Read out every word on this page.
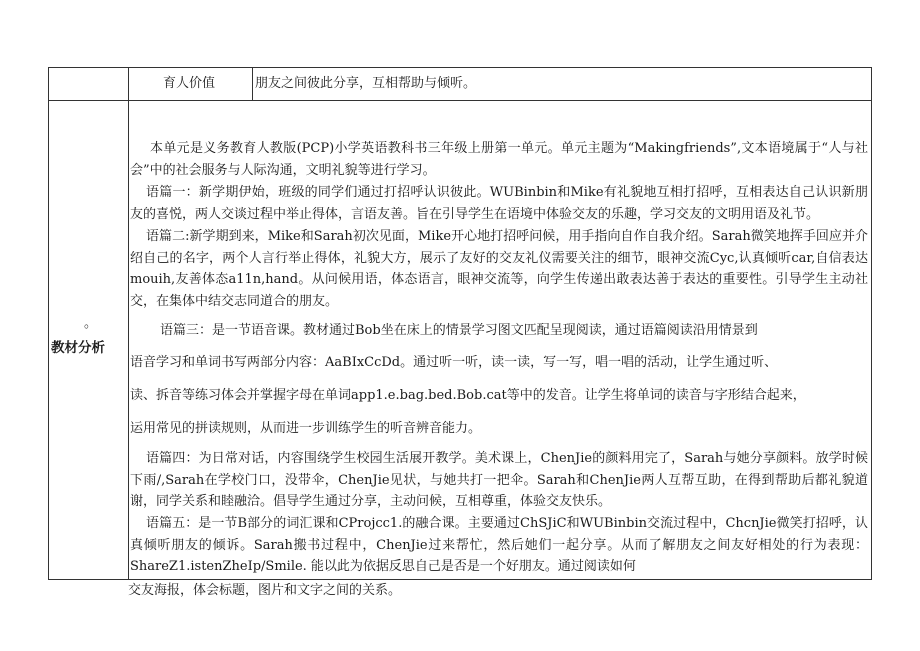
育人价值	朋友之间彼此分享，互相帮助与倾听。
。
教材分析
本单元是义务教育人教版(PCP)小学英语教科书三年级上册第一单元。单元主题为“Makingfriends”,文本语境属于“人与社会”中的社会服务与人际沟通，文明礼貌等进行学习。
语篇一：新学期伊始，班级的同学们通过打招呼认识彼此。WUBinbin和Mike有礼貌地互相打招呼，互相表达自己认识新朋友的喜悦，两人交谈过程中举止得体，言语友善。旨在引导学生在语境中体验交友的乐趣，学习交友的文明用语及礼节。
语篇二:新学期到来，Mike和Sarah初次见面，Mike开心地打招呼问候，用手指向自作自我介绍。Sarah微笑地挥手回应并介绍自己的名字，两个人言行举止得体，礼貌大方，展示了友好的交友礼仪需要关注的细节，眼神交流Cyc,认真倾听car,自信表达mouih,友善体态a11n,hand。从问候用语，体态语言，眼神交流等，向学生传递出敢表达善于表达的重要性。引导学生主动社交，在集体中结交志同道合的朋友。
语篇三：是一节语音课。教材通过Bob坐在床上的情景学习图文匹配呈现阅读，通过语篇阅读沿用情景到
语音学习和单词书写两部分内容：AaBIxCcDd。通过听一听，读一读，写一写，唱一唱的活动，让学生通过听、
读、拆音等练习体会并掌握字母在单词app1.e.bag.bed.Bob.cat等中的发音。让学生将单词的读音与字形结合起来，
运用常见的拼读规则，从而进一步训练学生的听音辨音能力。
语篇四：为日常对话，内容围绕学生校园生活展开教学。美术课上，ChenJie的颜料用完了，Sarah与她分享颜料。放学时候下雨/,Sarah在学校门口，没带伞，ChenJie见状，与她共打一把伞。Sarah和ChenJie两人互帮互助，在得到帮助后都礼貌道谢，同学关系和睦融洽。倡导学生通过分享，主动问候，互相尊重，体验交友快乐。
语篇五：是一节B部分的词汇课和CProjcc1.的融合课。主要通过ChSJiC和WUBinbin交流过程中，ChcnJie微笑打招呼，认真倾听朋友的倾诉。Sarah搬书过程中，ChenJie过来帮忙，然后她们一起分享。从而了解朋友之间友好相处的行为表现：ShareZ1.istenZheIp/Smile. 能以此为依据反思自己是否是一个好朋友。通过阅读如何
交友海报，体会标题，图片和文字之间的关系。
